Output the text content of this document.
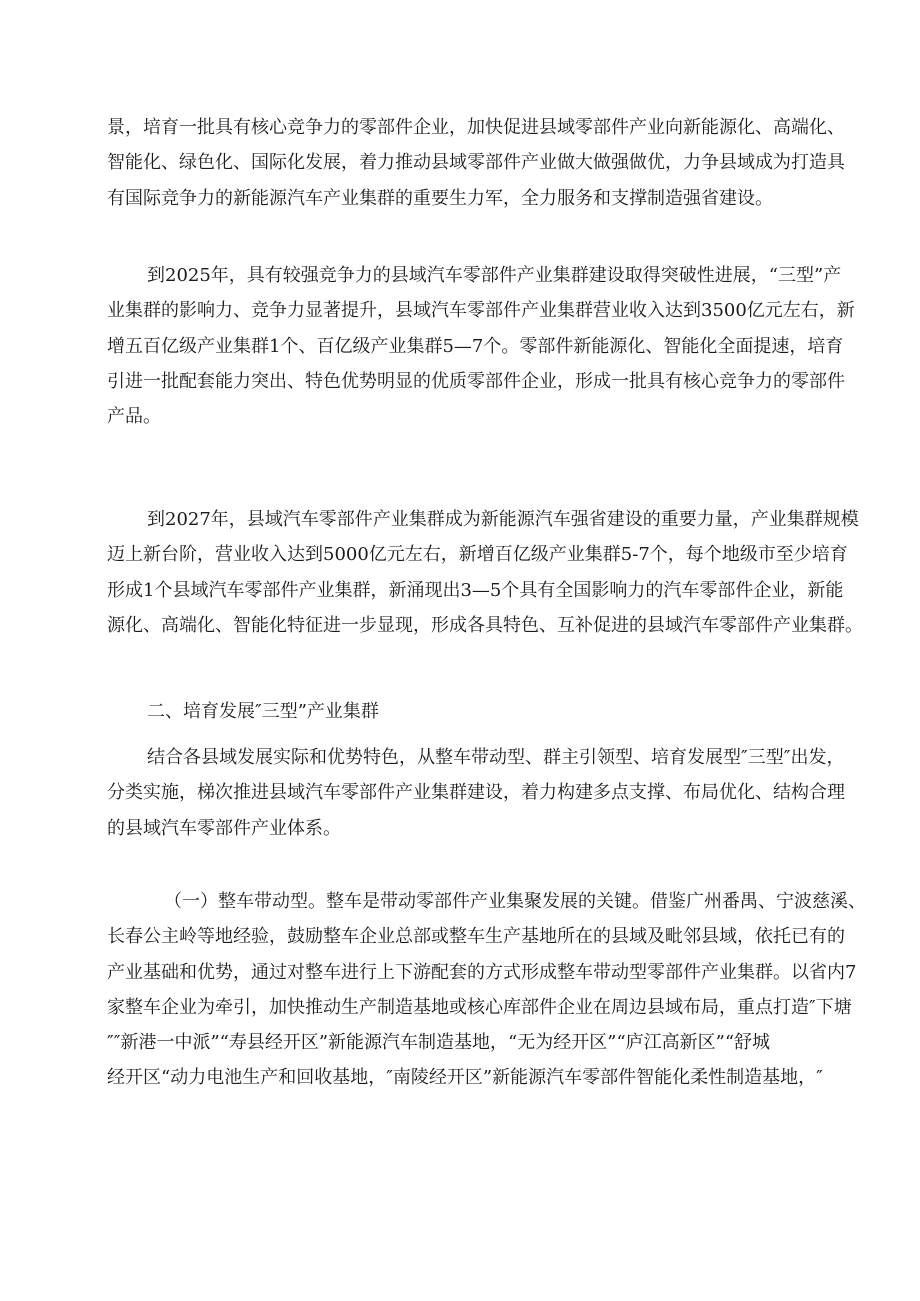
景，培育一批具有核心竞争力的零部件企业，加快促进县域零部件产业向新能源化、高端化、
智能化、绿色化、国际化发展，着力推动县域零部件产业做大做强做优，力争县域成为打造具
有国际竞争力的新能源汽车产业集群的重要生力军，全力服务和支撑制造强省建设。
到2025年，具有较强竞争力的县域汽车零部件产业集群建设取得突破性进展，“三型”产
业集群的影响力、竞争力显著提升，县域汽车零部件产业集群营业收入达到3500亿元左右，新
增五百亿级产业集群1个、百亿级产业集群5—7个。零部件新能源化、智能化全面提速，培育
引进一批配套能力突出、特色优势明显的优质零部件企业，形成一批具有核心竞争力的零部件
产品。
到2027年，县域汽车零部件产业集群成为新能源汽车强省建设的重要力量，产业集群规模
迈上新台阶，营业收入达到5000亿元左右，新增百亿级产业集群5-7个，每个地级市至少培育
形成1个县域汽车零部件产业集群，新涌现出3—5个具有全国影响力的汽车零部件企业，新能
源化、高端化、智能化特征进一步显现，形成各具特色、互补促进的县域汽车零部件产业集群。
二、培育发展″三型”产业集群
结合各县域发展实际和优势特色，从整车带动型、群主引领型、培育发展型″三型″出发，
分类实施，梯次推进县域汽车零部件产业集群建设，着力构建多点支撑、布局优化、结构合理
的县域汽车零部件产业体系。
（一）整车带动型。整车是带动零部件产业集聚发展的关键。借鉴广州番禺、宁波慈溪、
长春公主岭等地经验，鼓励整车企业总部或整车生产基地所在的县域及毗邻县域，依托已有的
产业基础和优势，通过对整车进行上下游配套的方式形成整车带动型零部件产业集群。以省内7
家整车企业为牵引，加快推动生产制造基地或核心库部件企业在周边县域布局，重点打造″下塘
″″新港一中派”“寿县经开区”新能源汽车制造基地，“无为经开区”“庐江高新区”“舒城
经开区“动力电池生产和回收基地，″南陵经开区”新能源汽车零部件智能化柔性制造基地，″
